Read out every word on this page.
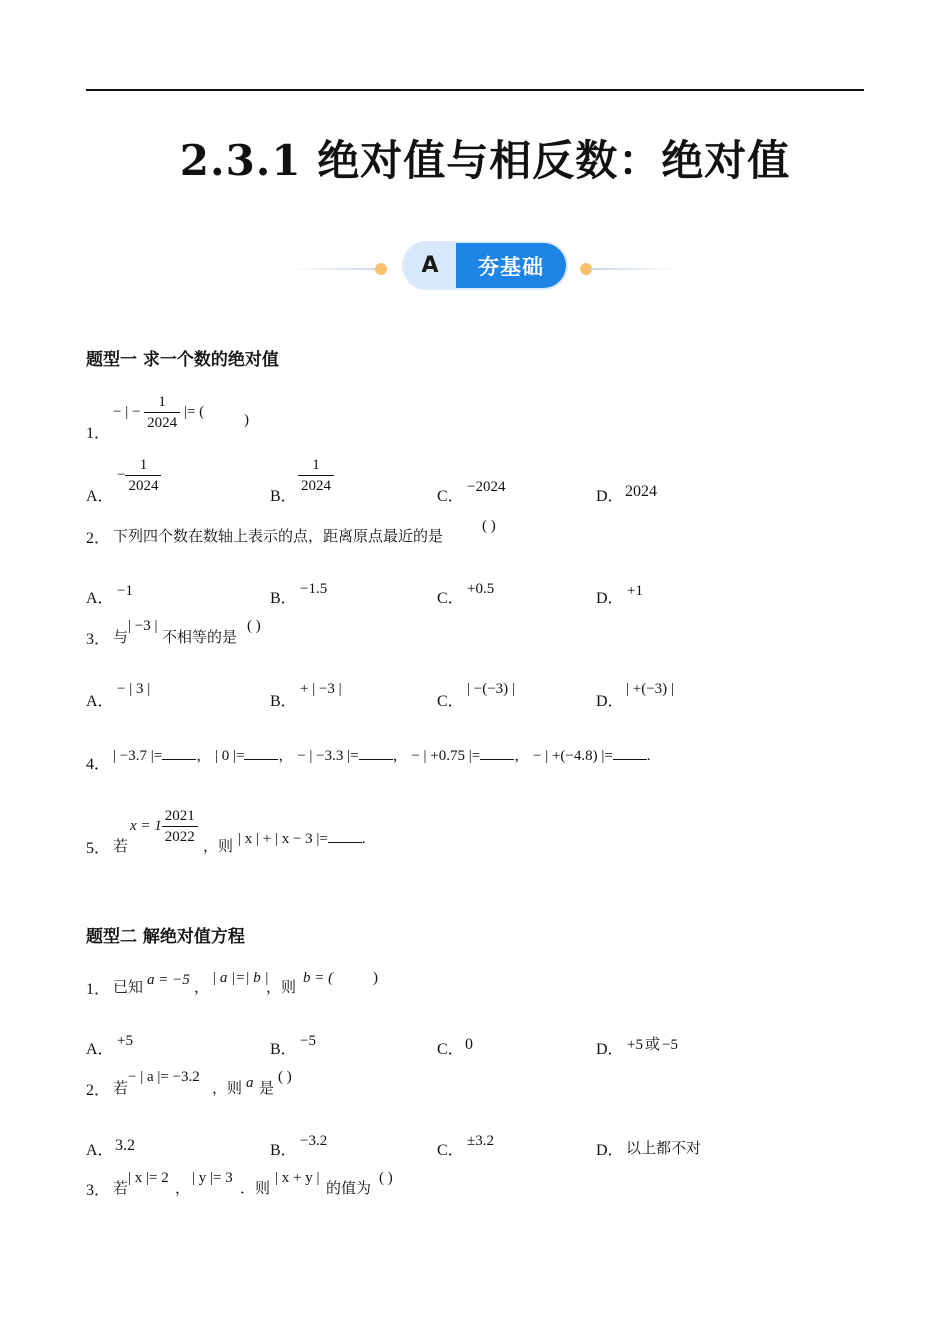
2.3.1 绝对值与相反数：绝对值
A	夯基础
题型一 求一个数的绝对值
1．
− | − $\frac{1}{2024}$ |= (
)
A．
− $\frac{1}{2024}$
B．
$\frac{1}{2024}$
C．
−2024
D． 2024
2． 下列四个数在数轴上表示的点，距离原点最近的是
( )
A． −1	B．
−1.5
C．
+0.5
D． +1
3． 与
| −3 |
不相等的是
( )
A．
− | 3 |
B．
+ | −3 |
C．
| −(−3) |
D．
| +(−3) |
4． | −3.7 |= ， | 0 |= ， − | −3.3 |= ， − | +0.75 |= ， − | +(−4.8) |= .
5． 若
$x = 1 \frac{2021}{2022}$ ，则 | x | + | x − 3 |= .
题型二 解绝对值方程
1． 已知 a = −5 ， | a |=| b |
，则 b = (	)
A． +5	B． −5	C． 0	D． +5 或 −5
2． 若
− | a |= −3.2
，则 a 是
( )
A． 3.2	B．
−3.2
C．
±3.2
D． 以上都不对
3． 若
| x |= 2
，
| y |= 3
．则
| x + y |
的值为
( )
